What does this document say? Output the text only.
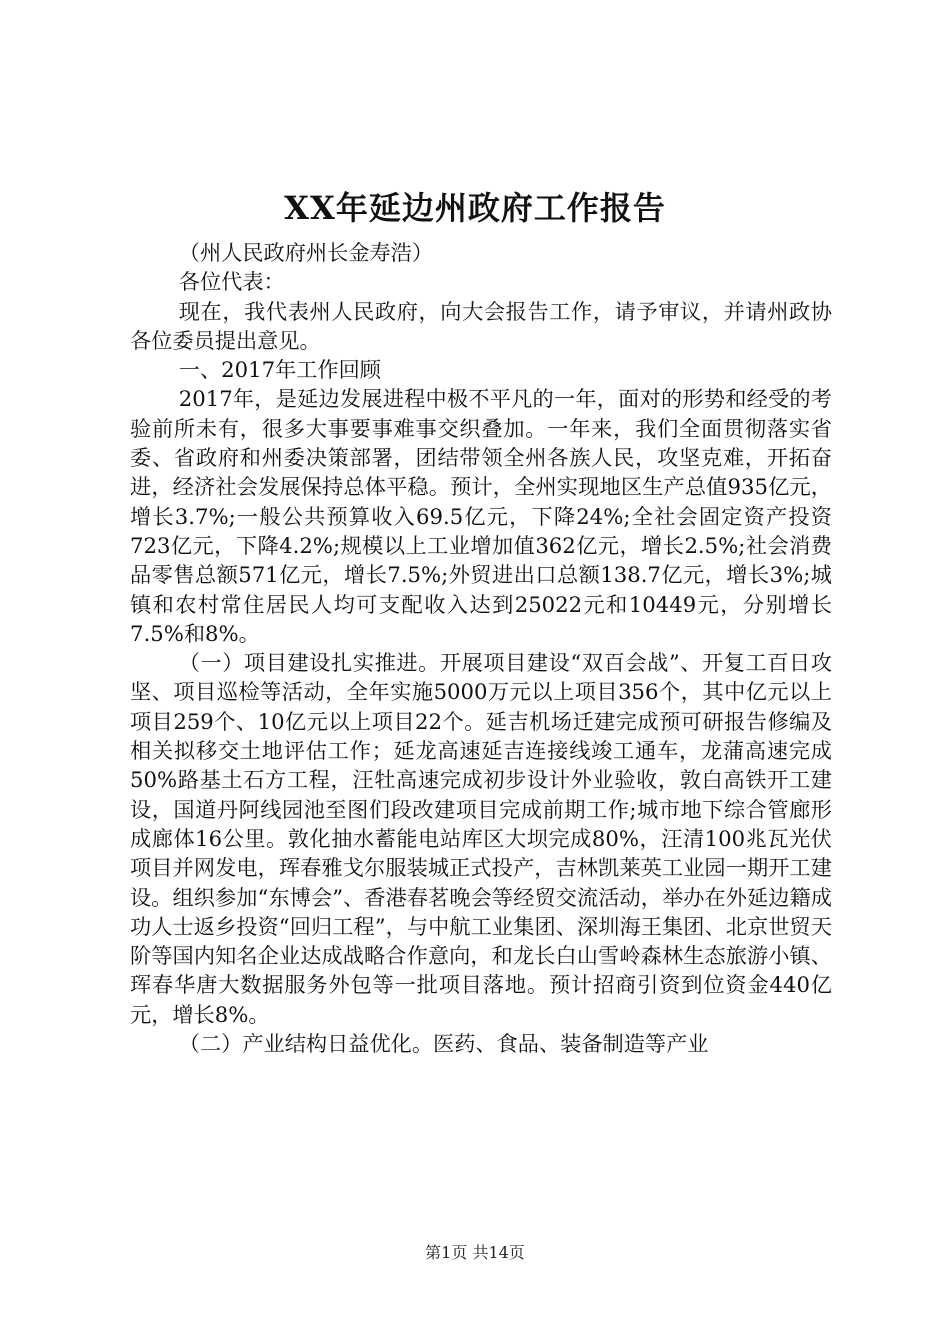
XX年延边州政府工作报告

（州人民政府州长金寿浩）

各位代表：

现在，我代表州人民政府，向大会报告工作，请予审议，并请州政协各位委员提出意见。

一、2017年工作回顾

2017年，是延边发展进程中极不平凡的一年，面对的形势和经受的考验前所未有，很多大事要事难事交织叠加。一年来，我们全面贯彻落实省委、省政府和州委决策部署，团结带领全州各族人民，攻坚克难，开拓奋进，经济社会发展保持总体平稳。预计，全州实现地区生产总值935亿元，增长3.7%;一般公共预算收入69.5亿元，下降24%;全社会固定资产投资723亿元，下降4.2%;规模以上工业增加值362亿元，增长2.5%;社会消费品零售总额571亿元，增长7.5%;外贸进出口总额138.7亿元，增长3%;城镇和农村常住居民人均可支配收入达到25022元和10449元，分别增长7.5%和8%。

（一）项目建设扎实推进。开展项目建设“双百会战”、开复工百日攻坚、项目巡检等活动，全年实施5000万元以上项目356个，其中亿元以上项目259个、10亿元以上项目22个。延吉机场迁建完成预可研报告修编及相关拟移交土地评估工作；延龙高速延吉连接线竣工通车，龙蒲高速完成50%路基土石方工程，汪牡高速完成初步设计外业验收，敦白高铁开工建设，国道丹阿线园池至图们段改建项目完成前期工作;城市地下综合管廊形成廊体16公里。敦化抽水蓄能电站库区大坝完成80%，汪清100兆瓦光伏项目并网发电，珲春雅戈尔服装城正式投产，吉林凯莱英工业园一期开工建设。组织参加“东博会”、香港春茗晚会等经贸交流活动，举办在外延边籍成功人士返乡投资“回归工程”，与中航工业集团、深圳海王集团、北京世贸天阶等国内知名企业达成战略合作意向，和龙长白山雪岭森林生态旅游小镇、珲春华唐大数据服务外包等一批项目落地。预计招商引资到位资金440亿元，增长8%。

（二）产业结构日益优化。医药、食品、装备制造等产业

第1页 共14页
